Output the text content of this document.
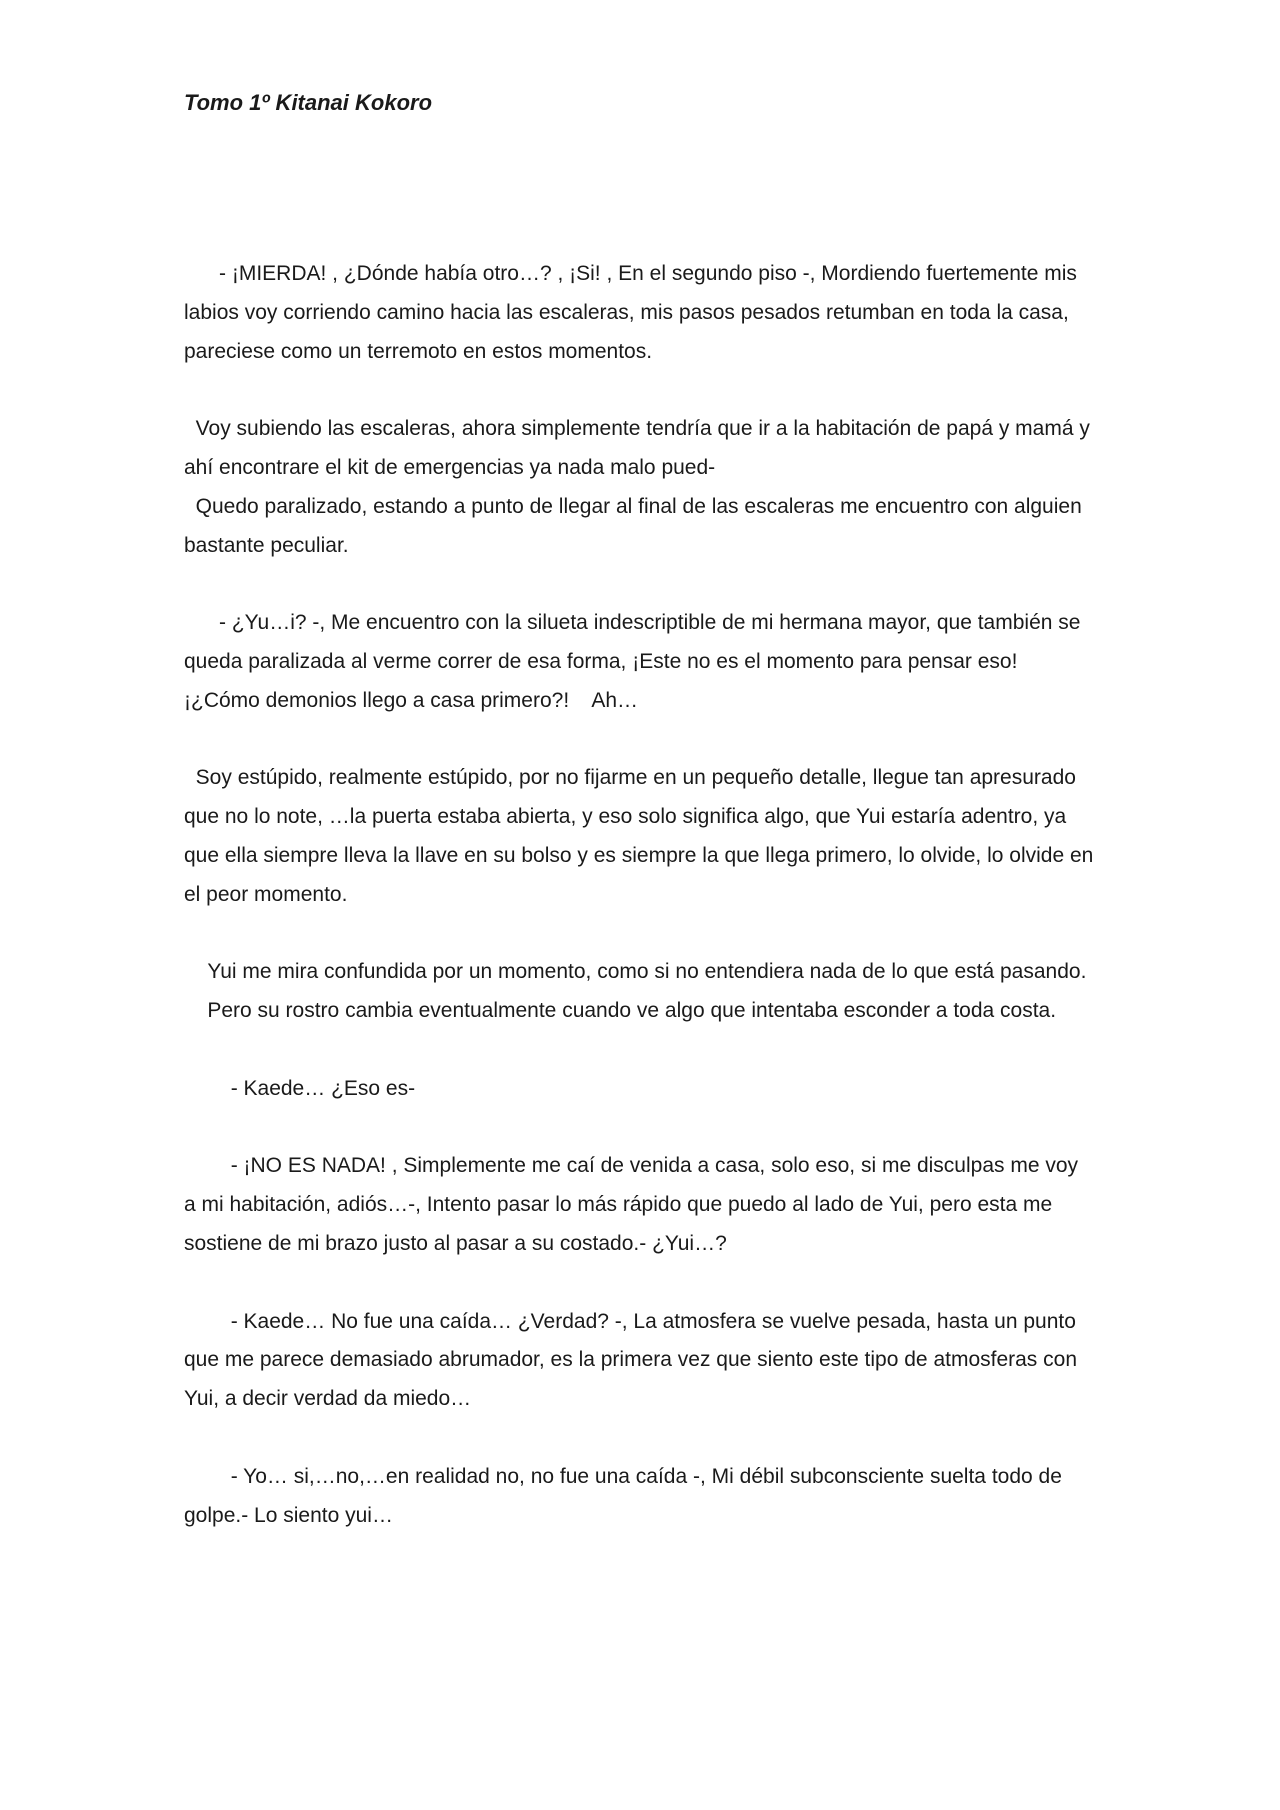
Tomo 1º Kitanai Kokoro

- ¡MIERDA! , ¿Dónde había otro…? , ¡Si! , En el segundo piso -, Mordiendo fuertemente mis labios voy corriendo camino hacia las escaleras, mis pasos pesados retumban en toda la casa, pareciese como un terremoto en estos momentos.

Voy subiendo las escaleras, ahora simplemente tendría que ir a la habitación de papá y mamá y ahí encontrare el kit de emergencias ya nada malo pued-

Quedo paralizado, estando a punto de llegar al final de las escaleras me encuentro con alguien bastante peculiar.

- ¿Yu…i? -, Me encuentro con la silueta indescriptible de mi hermana mayor, que también se queda paralizada al verme correr de esa forma, ¡Este no es el momento para pensar eso! ¡¿Cómo demonios llego a casa primero?!    Ah…

Soy estúpido, realmente estúpido, por no fijarme en un pequeño detalle, llegue tan apresurado que no lo note, …la puerta estaba abierta, y eso solo significa algo, que Yui estaría adentro, ya que ella siempre lleva la llave en su bolso y es siempre la que llega primero, lo olvide, lo olvide en el peor momento.

Yui me mira confundida por un momento, como si no entendiera nada de lo que está pasando.

Pero su rostro cambia eventualmente cuando ve algo que intentaba esconder a toda costa.

- Kaede… ¿Eso es-

- ¡NO ES NADA! , Simplemente me caí de venida a casa, solo eso, si me disculpas me voy a mi habitación, adiós…-, Intento pasar lo más rápido que puedo al lado de Yui, pero esta me sostiene de mi brazo justo al pasar a su costado.- ¿Yui…?

- Kaede… No fue una caída… ¿Verdad? -, La atmosfera se vuelve pesada, hasta un punto que me parece demasiado abrumador, es la primera vez que siento este tipo de atmosferas con Yui, a decir verdad da miedo…

- Yo… si,…no,…en realidad no, no fue una caída -, Mi débil subconsciente suelta todo de golpe.- Lo siento yui…
